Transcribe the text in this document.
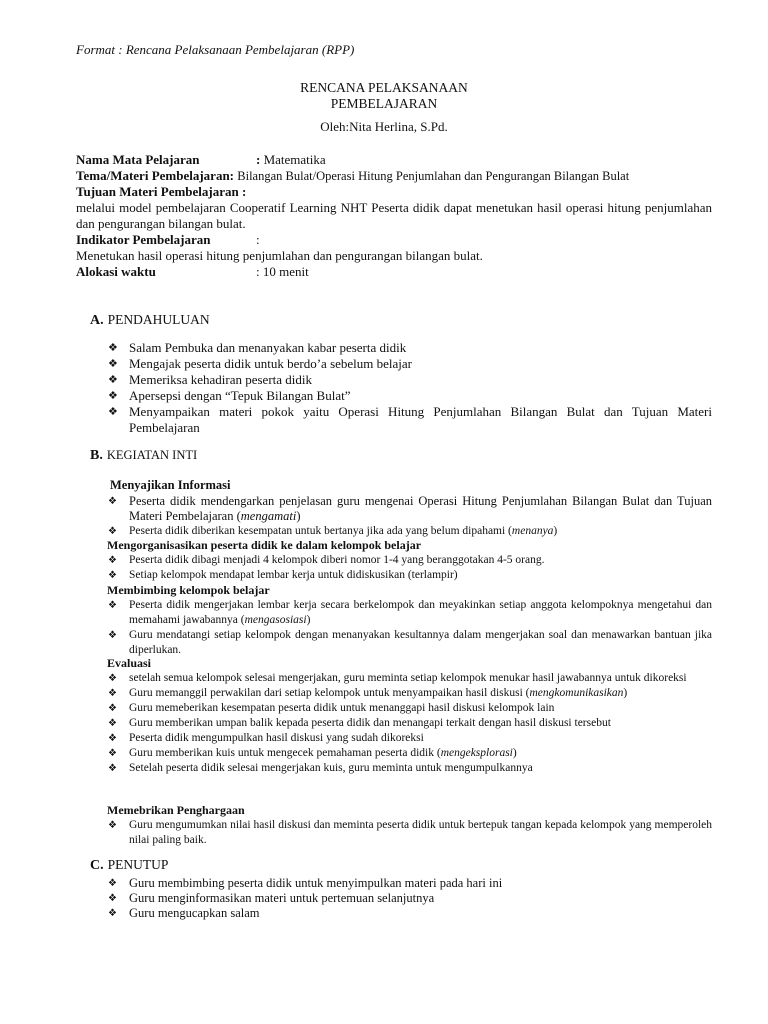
Format : Rencana Pelaksanaan Pembelajaran (RPP)
RENCANA PELAKSANAAN
PEMBELAJARAN
Oleh:Nita Herlina, S.Pd.
Nama Mata Pelajaran	: Matematika
Tema/Materi Pembelajaran: Bilangan Bulat/Operasi Hitung Penjumlahan dan Pengurangan Bilangan Bulat
Tujuan Materi Pembelajaran :
melalui model pembelajaran Cooperatif Learning NHT Peserta didik dapat menetukan hasil operasi hitung penjumlahan dan pengurangan bilangan bulat.
Indikator Pembelajaran	:
Menetukan hasil operasi hitung penjumlahan dan pengurangan bilangan bulat.
Alokasi waktu	: 10 menit
A. PENDAHULUAN
❖ Salam Pembuka dan menanyakan kabar peserta didik
❖ Mengajak peserta didik untuk berdo’a sebelum belajar
❖ Memeriksa kehadiran peserta didik
❖ Apersepsi dengan “Tepuk Bilangan Bulat”
❖ Menyampaikan materi pokok yaitu Operasi Hitung Penjumlahan Bilangan Bulat dan Tujuan Materi Pembelajaran
B. KEGIATAN INTI
Menyajikan Informasi
❖ Peserta didik mendengarkan penjelasan guru mengenai Operasi Hitung Penjumlahan Bilangan Bulat dan Tujuan Materi Pembelajaran (mengamati)
❖ Peserta didik diberikan kesempatan untuk bertanya jika ada yang belum dipahami (menanya)
Mengorganisasikan peserta didik ke dalam kelompok belajar
❖ Peserta didik dibagi menjadi 4 kelompok diberi nomor 1-4 yang beranggotakan 4-5 orang.
❖ Setiap kelompok mendapat lembar kerja untuk didiskusikan (terlampir)
Membimbing kelompok belajar
❖ Peserta didik mengerjakan lembar kerja secara berkelompok dan meyakinkan setiap anggota kelompoknya mengetahui dan memahami jawabannya (mengasosiasi)
❖ Guru mendatangi setiap kelompok dengan menanyakan kesultannya dalam mengerjakan soal dan menawarkan bantuan jika diperlukan.
Evaluasi
❖ setelah semua kelompok selesai mengerjakan, guru meminta setiap kelompok menukar hasil jawabannya untuk dikoreksi
❖ Guru memanggil perwakilan dari setiap kelompok untuk menyampaikan hasil diskusi (mengkomunikasikan)
❖ Guru memeberikan kesempatan peserta didik untuk menanggapi hasil diskusi kelompok lain
❖ Guru memberikan umpan balik kepada peserta didik dan menangapi terkait dengan hasil diskusi tersebut
❖ Peserta didik mengumpulkan hasil diskusi yang sudah dikoreksi
❖ Guru memberikan kuis untuk mengecek pemahaman peserta didik (mengeksplorasi)
❖ Setelah peserta didik selesai mengerjakan kuis, guru meminta untuk mengumpulkannya
Memebrikan Penghargaan
❖ Guru mengumumkan nilai hasil diskusi dan meminta peserta didik untuk bertepuk tangan kepada kelompok yang memperoleh nilai paling baik.
C. PENUTUP
❖ Guru membimbing peserta didik untuk menyimpulkan materi pada hari ini
❖ Guru menginformasikan materi untuk pertemuan selanjutnya
❖ Guru mengucapkan salam
